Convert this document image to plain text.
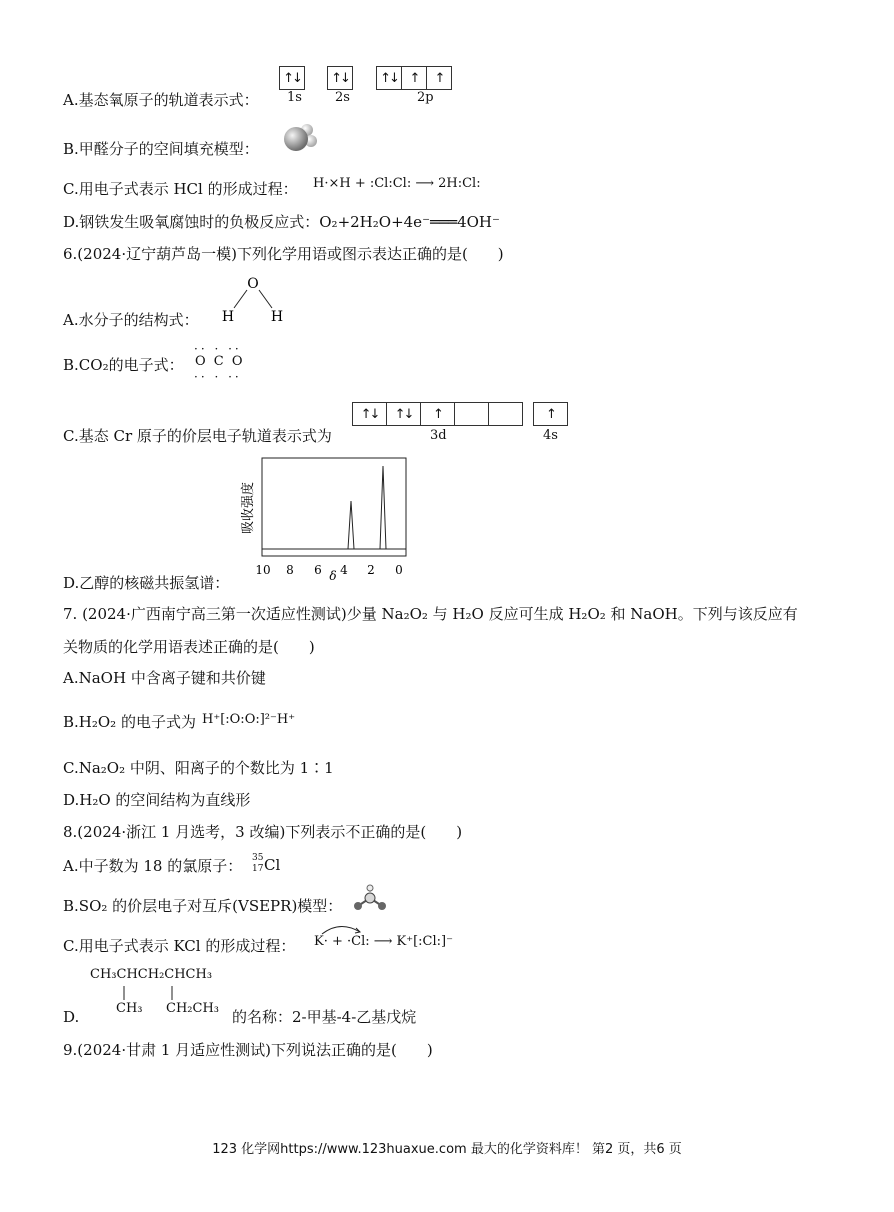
A.基态氧原子的轨道表示式：
↑↓ ↑↓ ↑↓ ↑	↑
1s	2s	2p
B.甲醛分子的空间填充模型：
C.用电子式表示 HCl 的形成过程： H·×H + :Cl:Cl: ⟶ 2H:Cl:
D.钢铁发生吸氧腐蚀时的负极反应式：O₂+2H₂O+4e⁻═══4OH⁻
6.(2024·辽宁葫芦岛一模)下列化学用语或图示表达正确的是(　　)
A.水分子的结构式：
O
H	H
B.CO₂的电子式： O C O
·· · ··
·· · ··
C.基态 Cr 原子的价层电子轨道表示式为
↑↓	↑↓	↑	↑
3d	4s
D.乙醇的核磁共振氢谱：
吸收强度
10 8 6 4 2 0
δ
7. (2024·广西南宁高三第一次适应性测试)少量 Na₂O₂ 与 H₂O 反应可生成 H₂O₂ 和 NaOH。下列与该反应有
关物质的化学用语表述正确的是(　　)
A.NaOH 中含离子键和共价键
B.H₂O₂ 的电子式为 H⁺[:O:O:]²⁻H⁺
C.Na₂O₂ 中阴、阳离子的个数比为 1∶1
D.H₂O 的空间结构为直线形
8.(2024·浙江 1 月选考，3 改编)下列表示不正确的是(　　)
A.中子数为 18 的氯原子： 35
17 Cl
B.SO₂ 的价层电子对互斥(VSEPR)模型：
C.用电子式表示 KCl 的形成过程： K· + ·Cl: ⟶ K⁺[:Cl:]⁻
CH₃CHCH₂CHCH₃
CH₃ CH₂CH₃
D.	的名称：2-甲基-4-乙基戊烷
9.(2024·甘肃 1 月适应性测试)下列说法正确的是(　　)
123 化学网https://www.123huaxue.com 最大的化学资料库！ 第2 页，共6 页
